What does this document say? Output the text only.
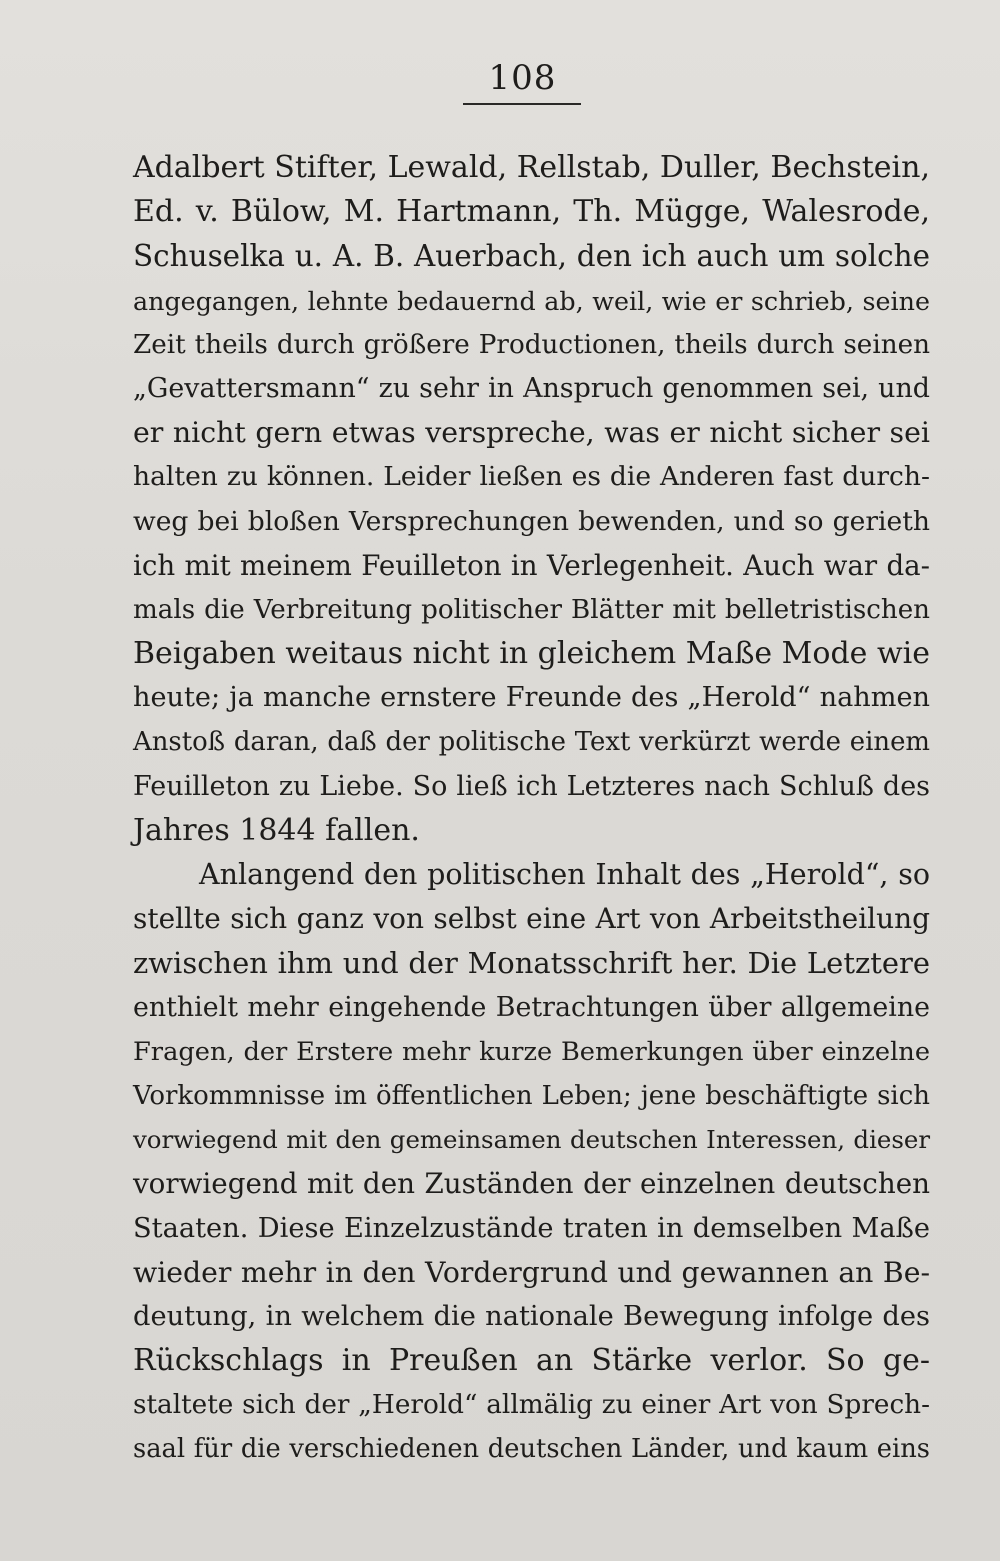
108
Adalbert Stifter, Lewald, Rellstab, Duller, Bechstein,
Ed. v. Bülow, M. Hartmann, Th. Mügge, Walesrode,
Schuselka u. A. B. Auerbach, den ich auch um solche
angegangen, lehnte bedauernd ab, weil, wie er schrieb, seine
Zeit theils durch größere Productionen, theils durch seinen
„Gevattersmann“ zu sehr in Anspruch genommen sei, und
er nicht gern etwas verspreche, was er nicht sicher sei
halten zu können. Leider ließen es die Anderen fast durch-
weg bei bloßen Versprechungen bewenden, und so gerieth
ich mit meinem Feuilleton in Verlegenheit. Auch war da-
mals die Verbreitung politischer Blätter mit belletristischen
Beigaben weitaus nicht in gleichem Maße Mode wie
heute; ja manche ernstere Freunde des „Herold“ nahmen
Anstoß daran, daß der politische Text verkürzt werde einem
Feuilleton zu Liebe. So ließ ich Letzteres nach Schluß des
Jahres 1844 fallen.
Anlangend den politischen Inhalt des „Herold“, so
stellte sich ganz von selbst eine Art von Arbeitstheilung
zwischen ihm und der Monatsschrift her. Die Letztere
enthielt mehr eingehende Betrachtungen über allgemeine
Fragen, der Erstere mehr kurze Bemerkungen über einzelne
Vorkommnisse im öffentlichen Leben; jene beschäftigte sich
vorwiegend mit den gemeinsamen deutschen Interessen, dieser
vorwiegend mit den Zuständen der einzelnen deutschen
Staaten. Diese Einzelzustände traten in demselben Maße
wieder mehr in den Vordergrund und gewannen an Be-
deutung, in welchem die nationale Bewegung infolge des
Rückschlags in Preußen an Stärke verlor. So ge-
staltete sich der „Herold“ allmälig zu einer Art von Sprech-
saal für die verschiedenen deutschen Länder, und kaum eins
